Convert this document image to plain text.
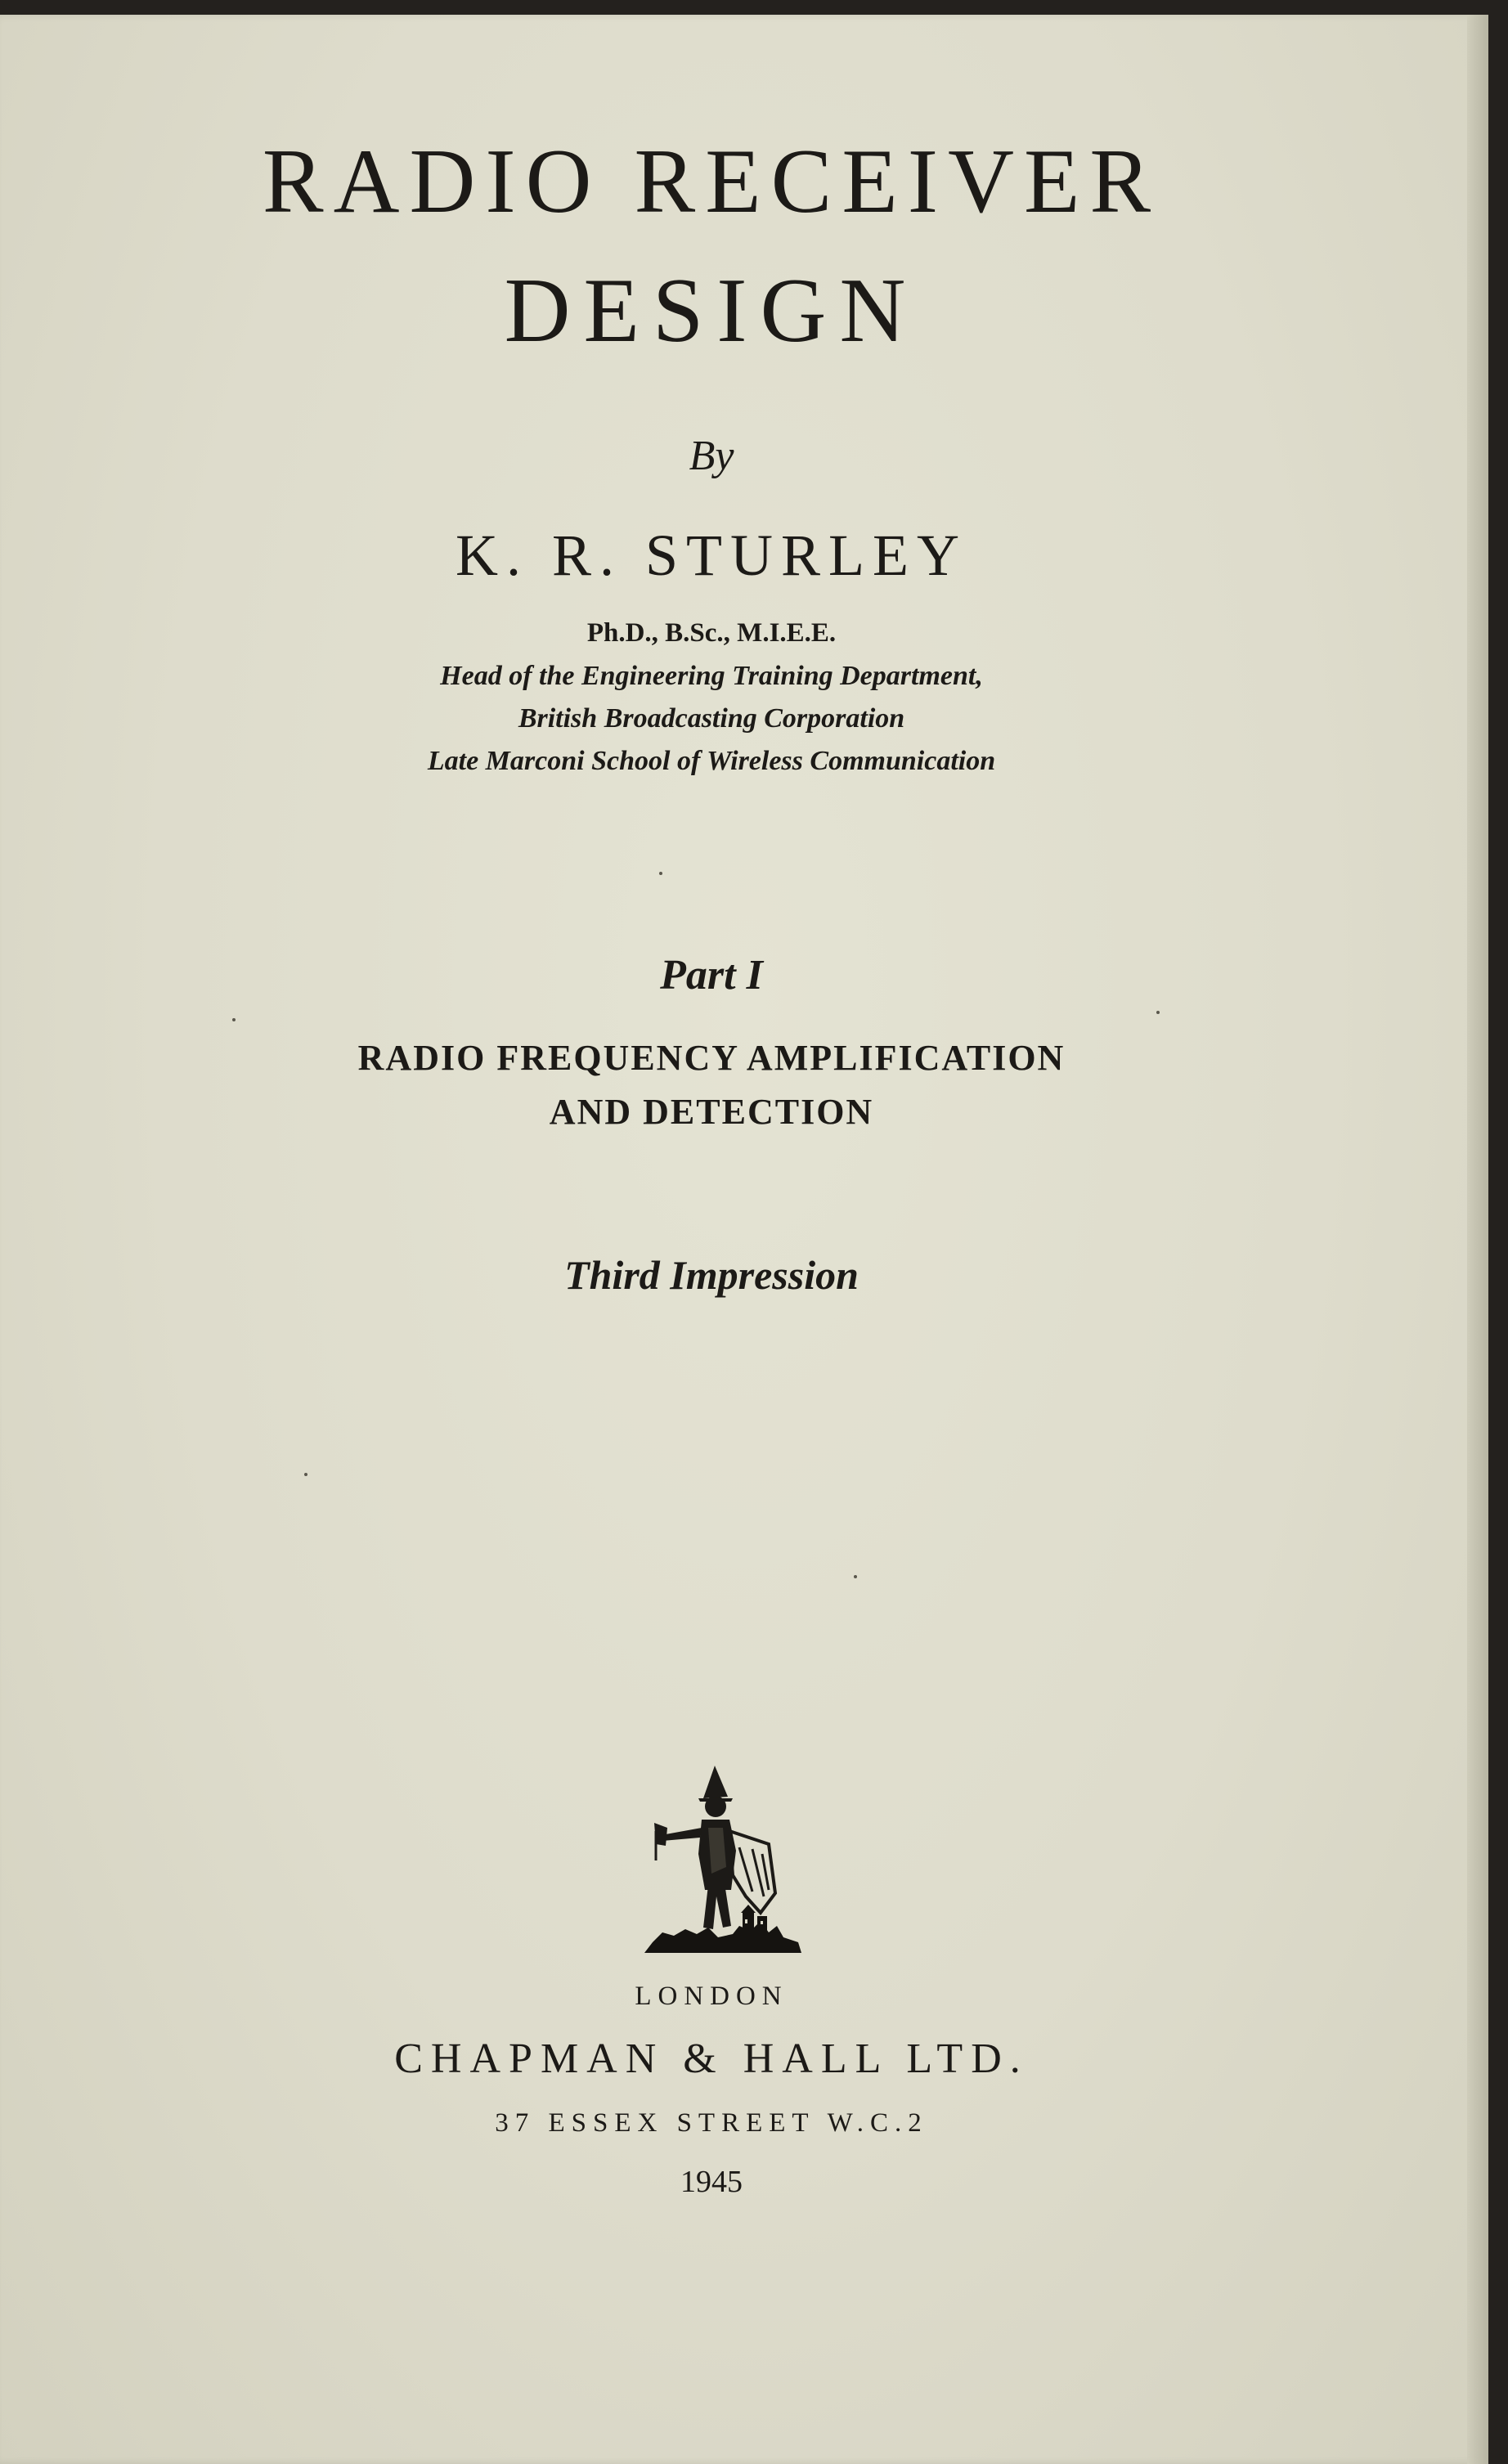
RADIO RECEIVER
DESIGN
By
K. R. STURLEY
Ph.D., B.Sc., M.I.E.E.
Head of the Engineering Training Department,
British Broadcasting Corporation
Late Marconi School of Wireless Communication
Part I
RADIO FREQUENCY AMPLIFICATION
AND DETECTION
Third Impression
LONDON
CHAPMAN & HALL LTD.
37 ESSEX STREET W.C.2
1945
